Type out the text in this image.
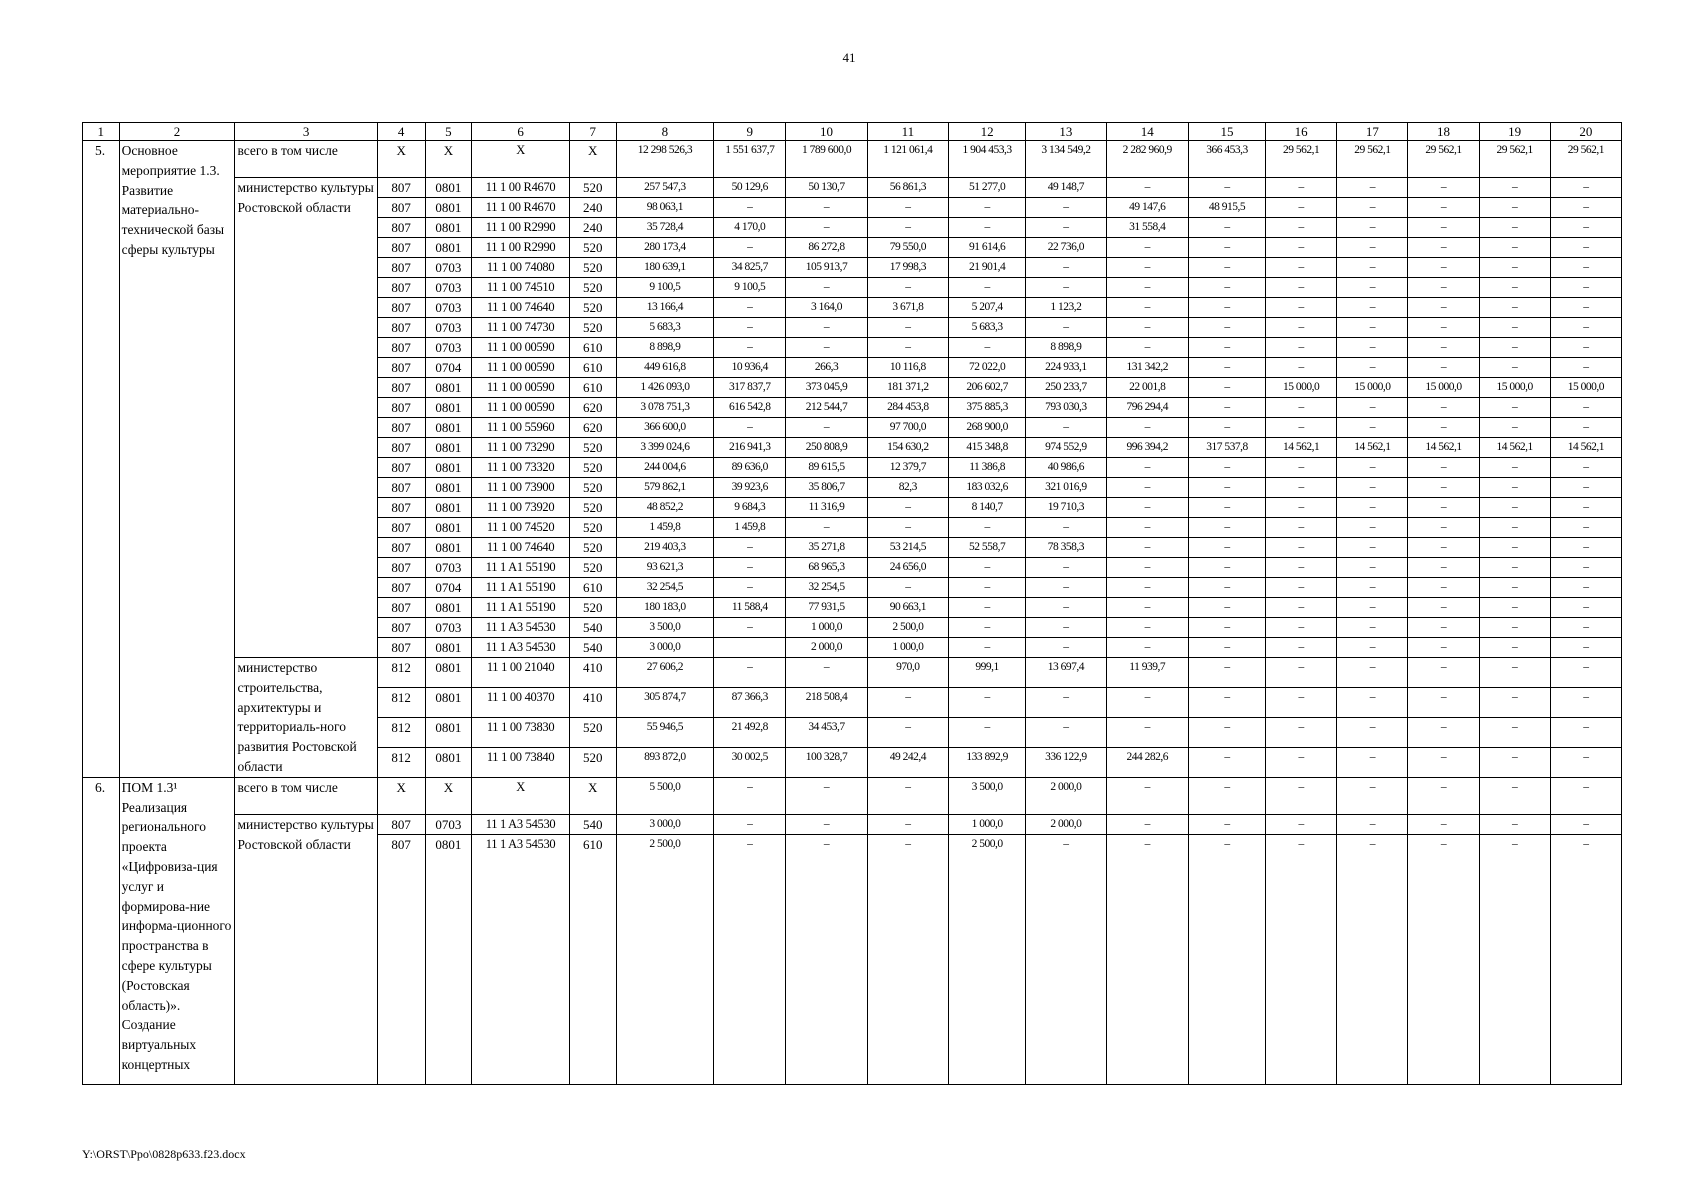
41
1	2	3	4	5	6	7	8	9	10	11	12	13	14	15	16	17	18	19	20
5.	Основное мероприятие 1.3. Развитие материально-технической базы сферы культуры	всего в том числе	Х	Х	Х	Х	12 298 526,3	1 551 637,7	1 789 600,0	1 121 061,4	1 904 453,3	3 134 549,2	2 282 960,9	366 453,3	29 562,1	29 562,1	29 562,1	29 562,1	29 562,1
		министерство культуры Ростовской области	807	0801	11 1 00 R4670	520	257 547,3	50 129,6	50 130,7	56 861,3	51 277,0	49 148,7	–	–	–	–	–	–	–
			807	0801	11 1 00 R4670	240	98 063,1	–	–	–	–	–	49 147,6	48 915,5	–	–	–	–	–
			807	0801	11 1 00 R2990	240	35 728,4	4 170,0	–	–	–	–	31 558,4	–	–	–	–	–	–
			807	0801	11 1 00 R2990	520	280 173,4	–	86 272,8	79 550,0	91 614,6	22 736,0	–	–	–	–	–	–	–
			807	0703	11 1 00 74080	520	180 639,1	34 825,7	105 913,7	17 998,3	21 901,4	–	–	–	–	–	–	–	–
			807	0703	11 1 00 74510	520	9 100,5	9 100,5	–	–	–	–	–	–	–	–	–	–	–
			807	0703	11 1 00 74640	520	13 166,4	–	3 164,0	3 671,8	5 207,4	1 123,2	–	–	–	–	–	–	–
			807	0703	11 1 00 74730	520	5 683,3	–	–	–	5 683,3	–	–	–	–	–	–	–	–
			807	0703	11 1 00 00590	610	8 898,9	–	–	–	–	8 898,9	–	–	–	–	–	–	–
			807	0704	11 1 00 00590	610	449 616,8	10 936,4	266,3	10 116,8	72 022,0	224 933,1	131 342,2	–	–	–	–	–	–
			807	0801	11 1 00 00590	610	1 426 093,0	317 837,7	373 045,9	181 371,2	206 602,7	250 233,7	22 001,8	–	15 000,0	15 000,0	15 000,0	15 000,0	15 000,0
			807	0801	11 1 00 00590	620	3 078 751,3	616 542,8	212 544,7	284 453,8	375 885,3	793 030,3	796 294,4	–	–	–	–	–	–
			807	0801	11 1 00 55960	620	366 600,0	–	–	97 700,0	268 900,0	–	–	–	–	–	–	–	–
			807	0801	11 1 00 73290	520	3 399 024,6	216 941,3	250 808,9	154 630,2	415 348,8	974 552,9	996 394,2	317 537,8	14 562,1	14 562,1	14 562,1	14 562,1	14 562,1
			807	0801	11 1 00 73320	520	244 004,6	89 636,0	89 615,5	12 379,7	11 386,8	40 986,6	–	–	–	–	–	–	–
			807	0801	11 1 00 73900	520	579 862,1	39 923,6	35 806,7	82,3	183 032,6	321 016,9	–	–	–	–	–	–	–
			807	0801	11 1 00 73920	520	48 852,2	9 684,3	11 316,9	–	8 140,7	19 710,3	–	–	–	–	–	–	–
			807	0801	11 1 00 74520	520	1 459,8	1 459,8	–	–	–	–	–	–	–	–	–	–	–
			807	0801	11 1 00 74640	520	219 403,3	–	35 271,8	53 214,5	52 558,7	78 358,3	–	–	–	–	–	–	–
			807	0703	11 1 A1 55190	520	93 621,3	–	68 965,3	24 656,0	–	–	–	–	–	–	–	–	–
			807	0704	11 1 A1 55190	610	32 254,5	–	32 254,5	–	–	–	–	–	–	–	–	–	–
			807	0801	11 1 A1 55190	520	180 183,0	11 588,4	77 931,5	90 663,1	–	–	–	–	–	–	–	–	–
			807	0703	11 1 A3 54530	540	3 500,0	–	1 000,0	2 500,0	–	–	–	–	–	–	–	–	–
			807	0801	11 1 A3 54530	540	3 000,0		2 000,0	1 000,0	–	–	–	–	–	–	–	–	–
		министерство строительства, архитектуры и территориаль-ного развития Ростовской области	812	0801	11 1 00 21040	410	27 606,2	–	–	970,0	999,1	13 697,4	11 939,7	–	–	–	–	–	–
			812	0801	11 1 00 40370	410	305 874,7	87 366,3	218 508,4	–	–	–	–	–	–	–	–	–	–
			812	0801	11 1 00 73830	520	55 946,5	21 492,8	34 453,7	–	–	–	–	–	–	–	–	–	–
			812	0801	11 1 00 73840	520	893 872,0	30 002,5	100 328,7	49 242,4	133 892,9	336 122,9	244 282,6	–	–	–	–	–	–
6.	ПОМ 1.3¹ Реализация регионального проекта «Цифровиза-ция услуг и формирова-ние информа-ционного пространства в сфере культуры (Ростовская область)». Создание виртуальных концертных	всего в том числе	Х	Х	Х	Х	5 500,0	–	–	–	3 500,0	2 000,0	–	–	–	–	–	–	–
		министерство культуры Ростовской области	807	0703	11 1 A3 54530	540	3 000,0	–	–	–	1 000,0	2 000,0	–	–	–	–	–	–	–
			807	0801	11 1 A3 54530	610	2 500,0	–	–	–	2 500,0	–	–	–	–	–	–	–	–
Y:\ORST\Ppo\0828p633.f23.docx
